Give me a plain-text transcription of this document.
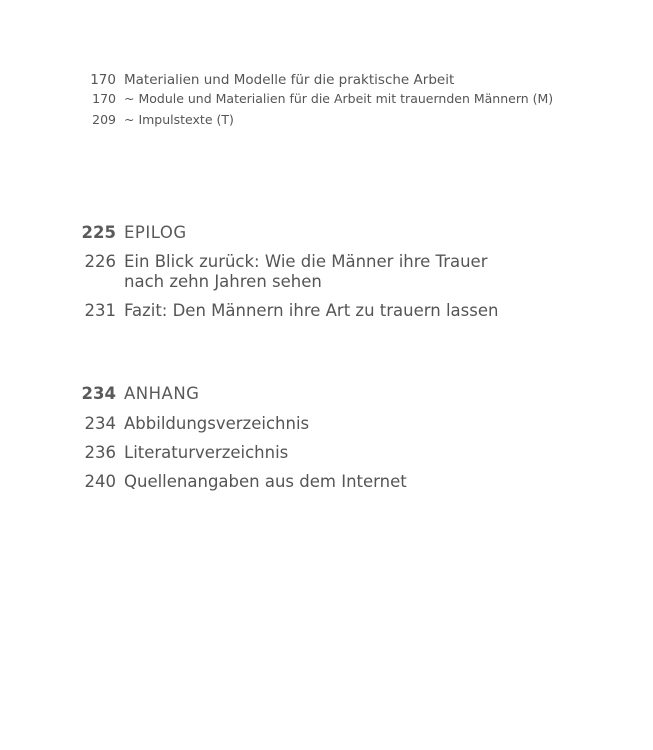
170 Materialien und Modelle für die praktische Arbeit
170 ~ Module und Materialien für die Arbeit mit trauernden Männern (M)
209 ~ Impulstexte (T)
225 EPILOG
226 Ein Blick zurück: Wie die Männer ihre Trauer nach zehn Jahren sehen
231 Fazit: Den Männern ihre Art zu trauern lassen
234 ANHANG
234 Abbildungsverzeichnis
236 Literaturverzeichnis
240 Quellenangaben aus dem Internet
